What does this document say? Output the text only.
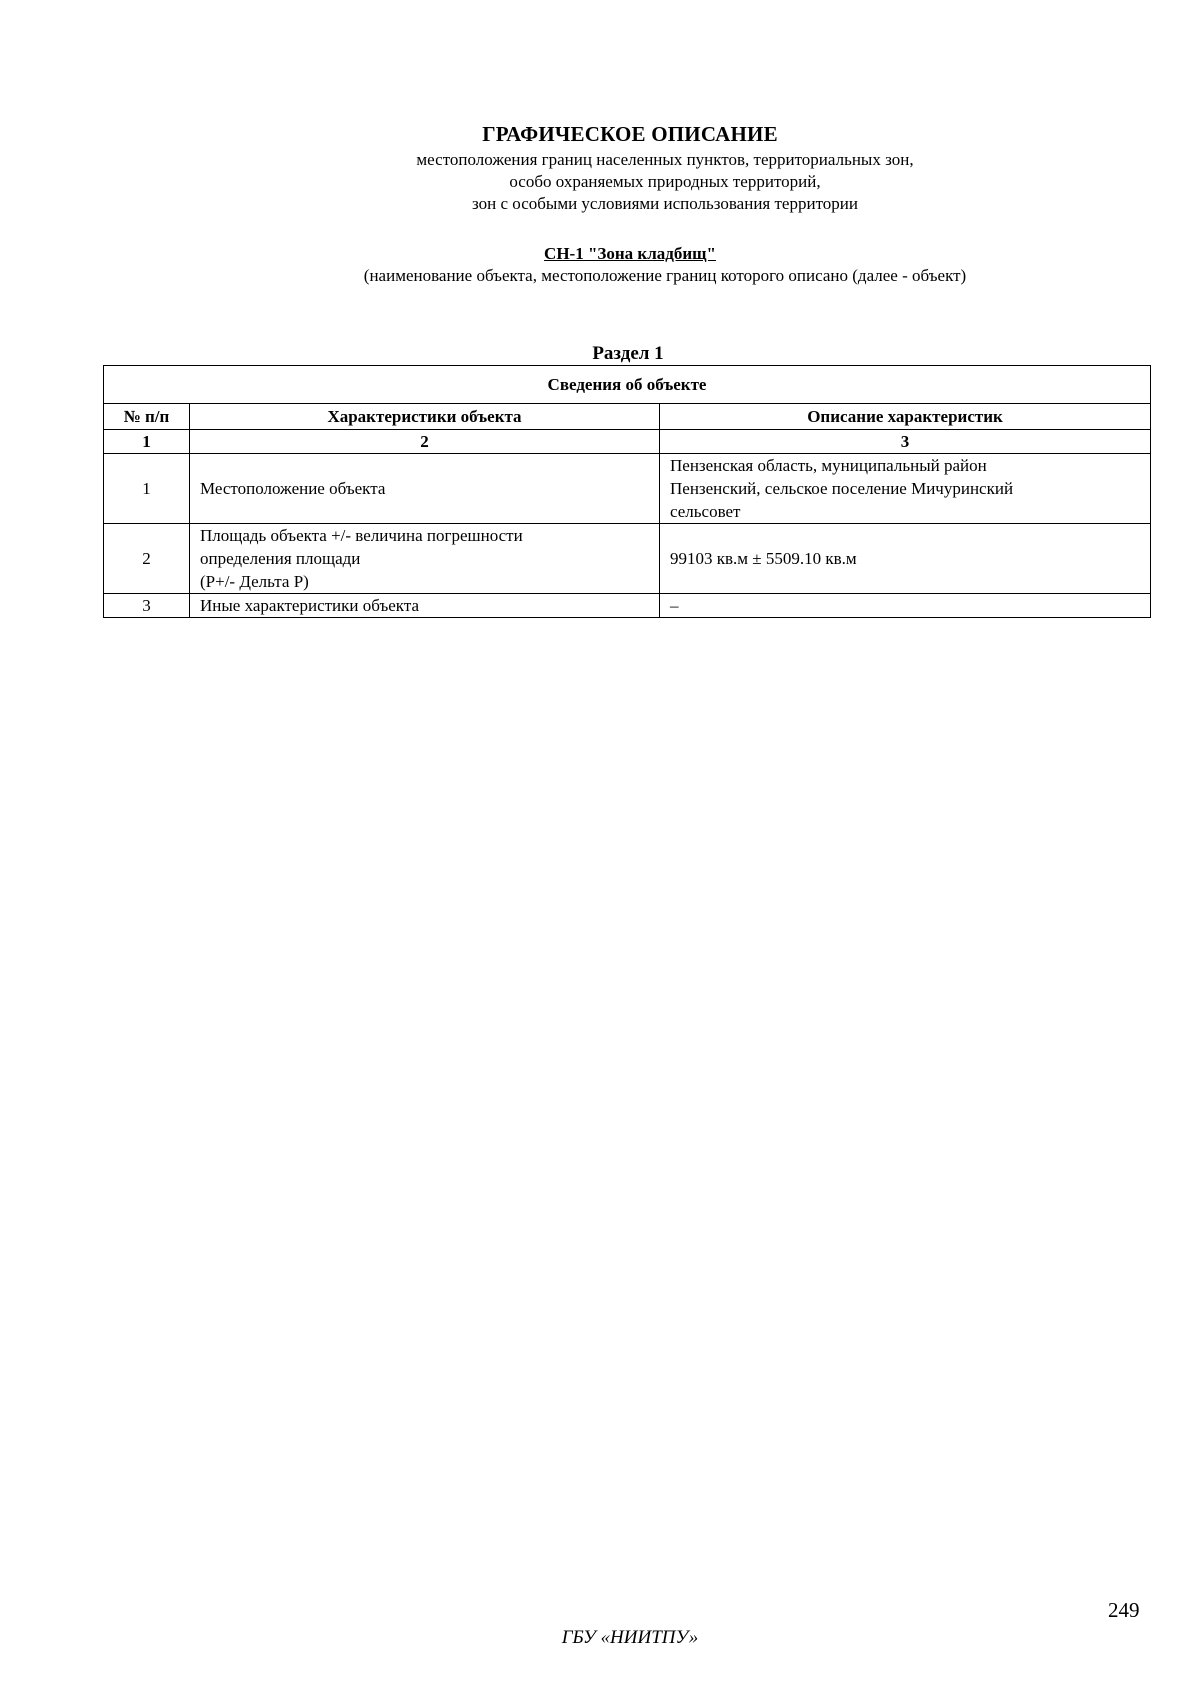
ГРАФИЧЕСКОЕ ОПИСАНИЕ
местоположения границ населенных пунктов, территориальных зон,
особо охраняемых природных территорий,
зон с особыми условиями использования территории
СН-1 "Зона кладбищ"
(наименование объекта, местоположение границ которого описано (далее - объект)
Раздел 1
Сведения об объекте		
№ п/п	Характеристики объекта	Описание характеристик
1	2	3
1	Местоположение объекта	Пензенская область, муниципальный район
Пензенский, сельское поселение Мичуринский
сельсовет

2	Площадь объекта +/- величина погрешности
определения площади
(P+/- Дельта P)	99103 кв.м ± 5509.10 кв.м

3	Иные характеристики объекта	–
249
ГБУ «НИИТПУ»
